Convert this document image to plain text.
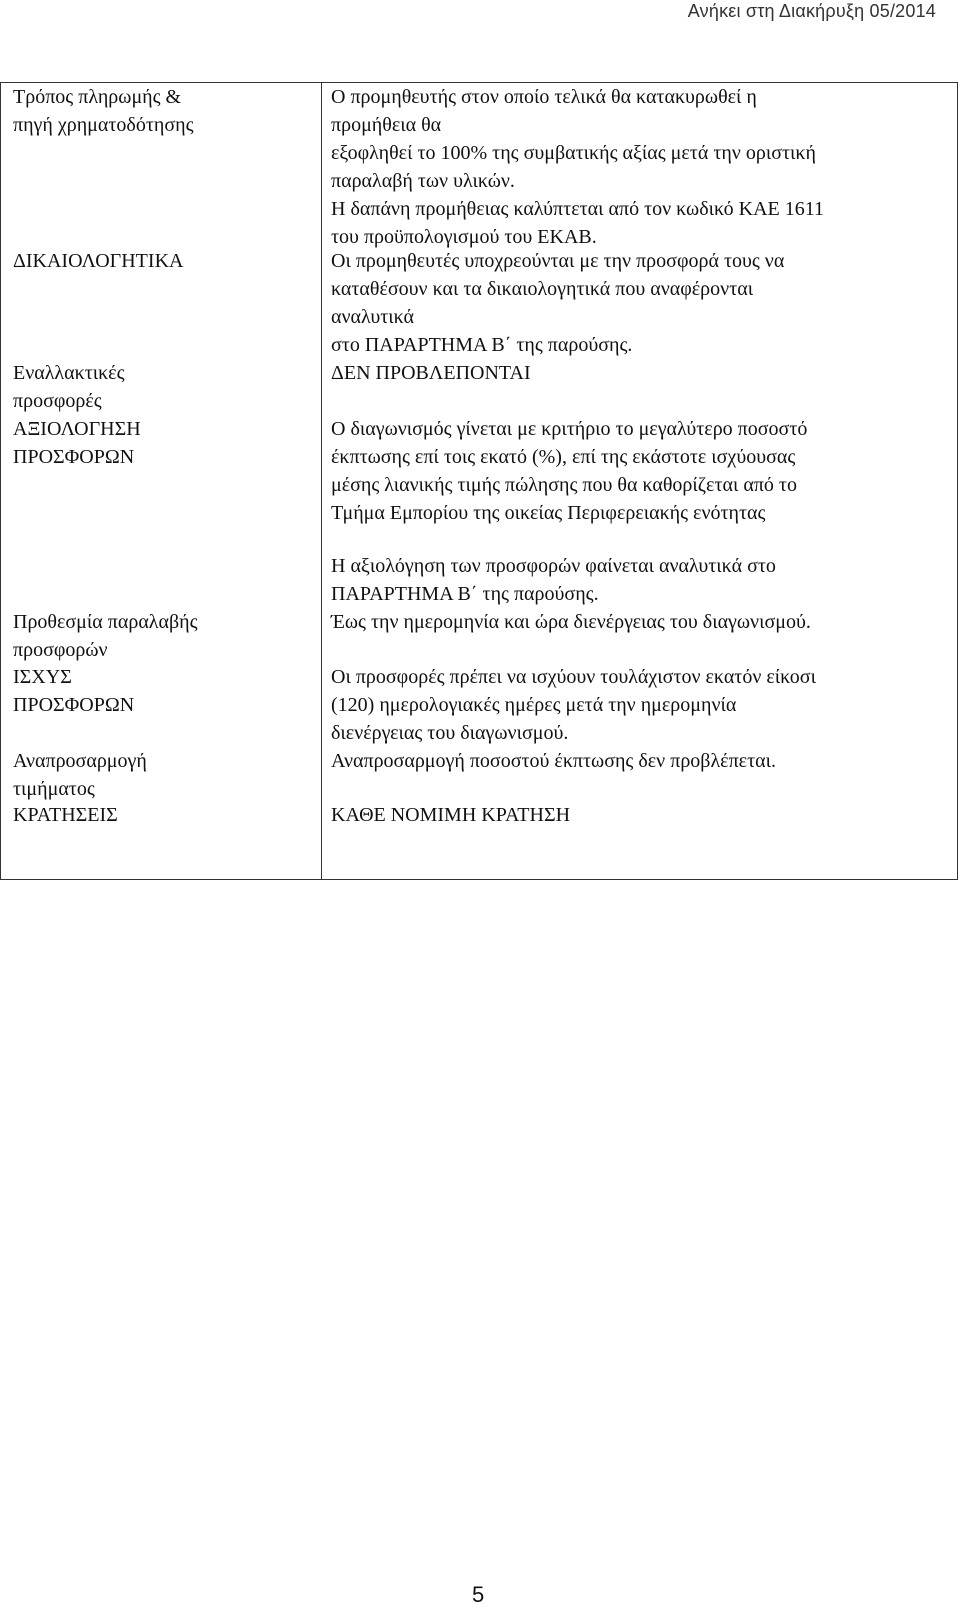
Ανήκει στη Διακήρυξη 05/2014
Τρόπος πληρωμής &
πηγή χρηματοδότησης
Ο προμηθευτής στον οποίο τελικά θα κατακυρωθεί η
προμήθεια θα
εξοφληθεί το 100% της συμβατικής αξίας μετά την οριστική
παραλαβή των υλικών.
Η δαπάνη προμήθειας καλύπτεται από τον κωδικό ΚΑΕ 1611
του προϋπολογισμού του ΕΚΑΒ.
ΔΙΚΑΙΟΛΟΓΗΤΙΚΑ	Οι προμηθευτές υποχρεούνται με την προσφορά τους να
καταθέσουν και τα δικαιολογητικά που αναφέρονται
αναλυτικά
στο ΠΑΡΑΡΤΗΜΑ Β΄ της παρούσης.
Εναλλακτικές
προσφορές
ΔΕΝ ΠΡΟΒΛΕΠΟΝΤΑΙ
ΑΞΙΟΛΟΓΗΣΗ
ΠΡΟΣΦΟΡΩΝ
Ο διαγωνισμός γίνεται με κριτήριο το μεγαλύτερο ποσοστό
έκπτωσης επί τοις εκατό (%), επί της εκάστοτε ισχύουσας
μέσης λιανικής τιμής πώλησης που θα καθορίζεται από το
Τμήμα Εμπορίου της οικείας Περιφερειακής ενότητας
Η αξιολόγηση των προσφορών φαίνεται αναλυτικά στο
ΠΑΡΑΡΤΗΜΑ Β΄ της παρούσης.
Προθεσμία παραλαβής
προσφορών
Έως την ημερομηνία και ώρα διενέργειας του διαγωνισμού.
ΙΣΧΥΣ
ΠΡΟΣΦΟΡΩΝ
Οι προσφορές πρέπει να ισχύουν τουλάχιστον εκατόν είκοσι
(120) ημερολογιακές ημέρες μετά την ημερομηνία
διενέργειας του διαγωνισμού.
Αναπροσαρμογή
τιμήματος
Αναπροσαρμογή ποσοστού έκπτωσης δεν προβλέπεται.
ΚΡΑΤΗΣΕΙΣ	ΚΑΘΕ ΝΟΜΙΜΗ ΚΡΑΤΗΣΗ
5
